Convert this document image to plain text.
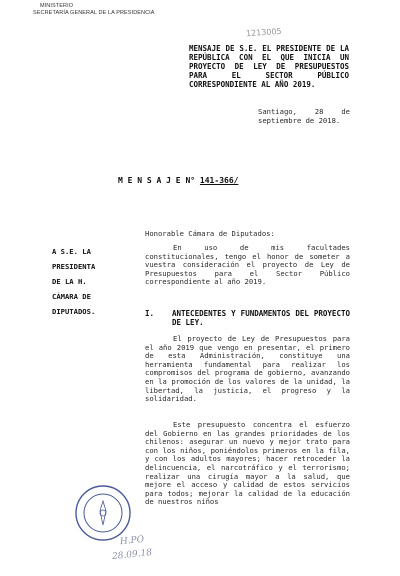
MINISTERIO
SECRETARÍA GENERAL DE LA PRESIDENCIA
1213005
MENSAJE DE S.E. EL PRESIDENTE DE LA REPÚBLICA CON EL QUE INICIA UN PROYECTO DE LEY DE PRESUPUESTOS PARA EL SECTOR PÚBLICO CORRESPONDIENTE AL AÑO 2019.
Santiago, 28 de septiembre de 2018.
M E N S A J E N° 141-366/
Honorable Cámara de Diputados:
A S.E. LA
PRESIDENTA
DE LA H.
CÁMARA DE
DIPUTADOS.
En uso de mis facultades constitucionales, tengo el honor de someter a vuestra consideración el proyecto de Ley de Presupuestos para el Sector Público correspondiente al año 2019.
I. ANTECEDENTES Y FUNDAMENTOS DEL PROYECTO DE LEY.
El proyecto de Ley de Presupuestos para el año 2019 que vengo en presentar, el primero de esta Administración, constituye una herramienta fundamental para realizar los compromisos del programa de gobierno, avanzando en la promoción de los valores de la unidad, la libertad, la justicia, el progreso y la solidaridad.
Este presupuesto concentra el esfuerzo del Gobierno en las grandes prioridades de los chilenos: asegurar un nuevo y mejor trato para con los niños, poniéndolos primeros en la fila, y con los adultos mayores; hacer retroceder la delincuencia, el narcotráfico y el terrorismo; realizar una cirugía mayor a la salud, que mejore el acceso y calidad de estos servicios para todos; mejorar la calidad de la educación de nuestros niños
H.PO
28.09.18
